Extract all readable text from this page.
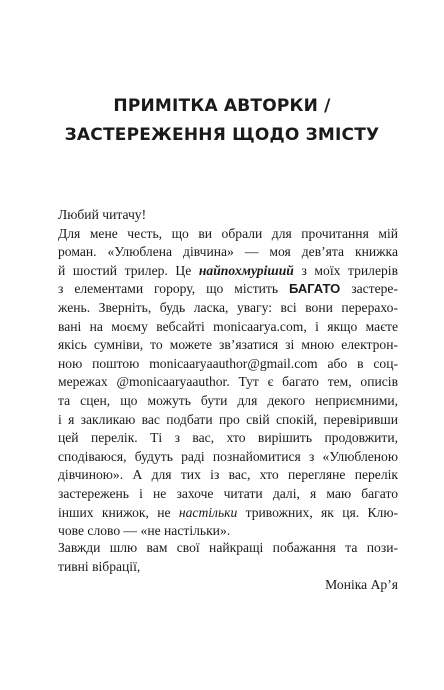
ПРИМІТКА АВТОРКИ /
ЗАСТЕРЕЖЕННЯ ЩОДО ЗМІСТУ
Любий читачу!
Для мене честь, що ви обрали для прочитання мій
роман. «Улюблена дівчина» — моя дев’ята книжка
й шостий трилер. Це найпохмуріший з моїх трилерів
з елементами горору, що містить БАГАТО застере-
жень. Зверніть, будь ласка, увагу: всі вони перерахо-
вані на моєму вебсайті monicaarya.com, і якщо маєте
якісь сумніви, то можете зв’язатися зі мною електрон-
ною поштою monicaaryaauthor@gmail.com або в соц-
мережах @monicaaryaauthor. Тут є багато тем, описів
та сцен, що можуть бути для декого неприємними,
і я закликаю вас подбати про свій спокій, перевіривши
цей перелік. Ті з вас, хто вирішить продовжити,
сподіваюся, будуть раді познайомитися з «Улюбленою
дівчиною». А для тих із вас, хто перегляне перелік
застережень і не захоче читати далі, я маю багато
інших книжок, не настільки тривожних, як ця. Клю-
чове слово — «не настільки».
Завжди шлю вам свої найкращі побажання та пози-
тивні вібрації,

Моніка Ар’я
